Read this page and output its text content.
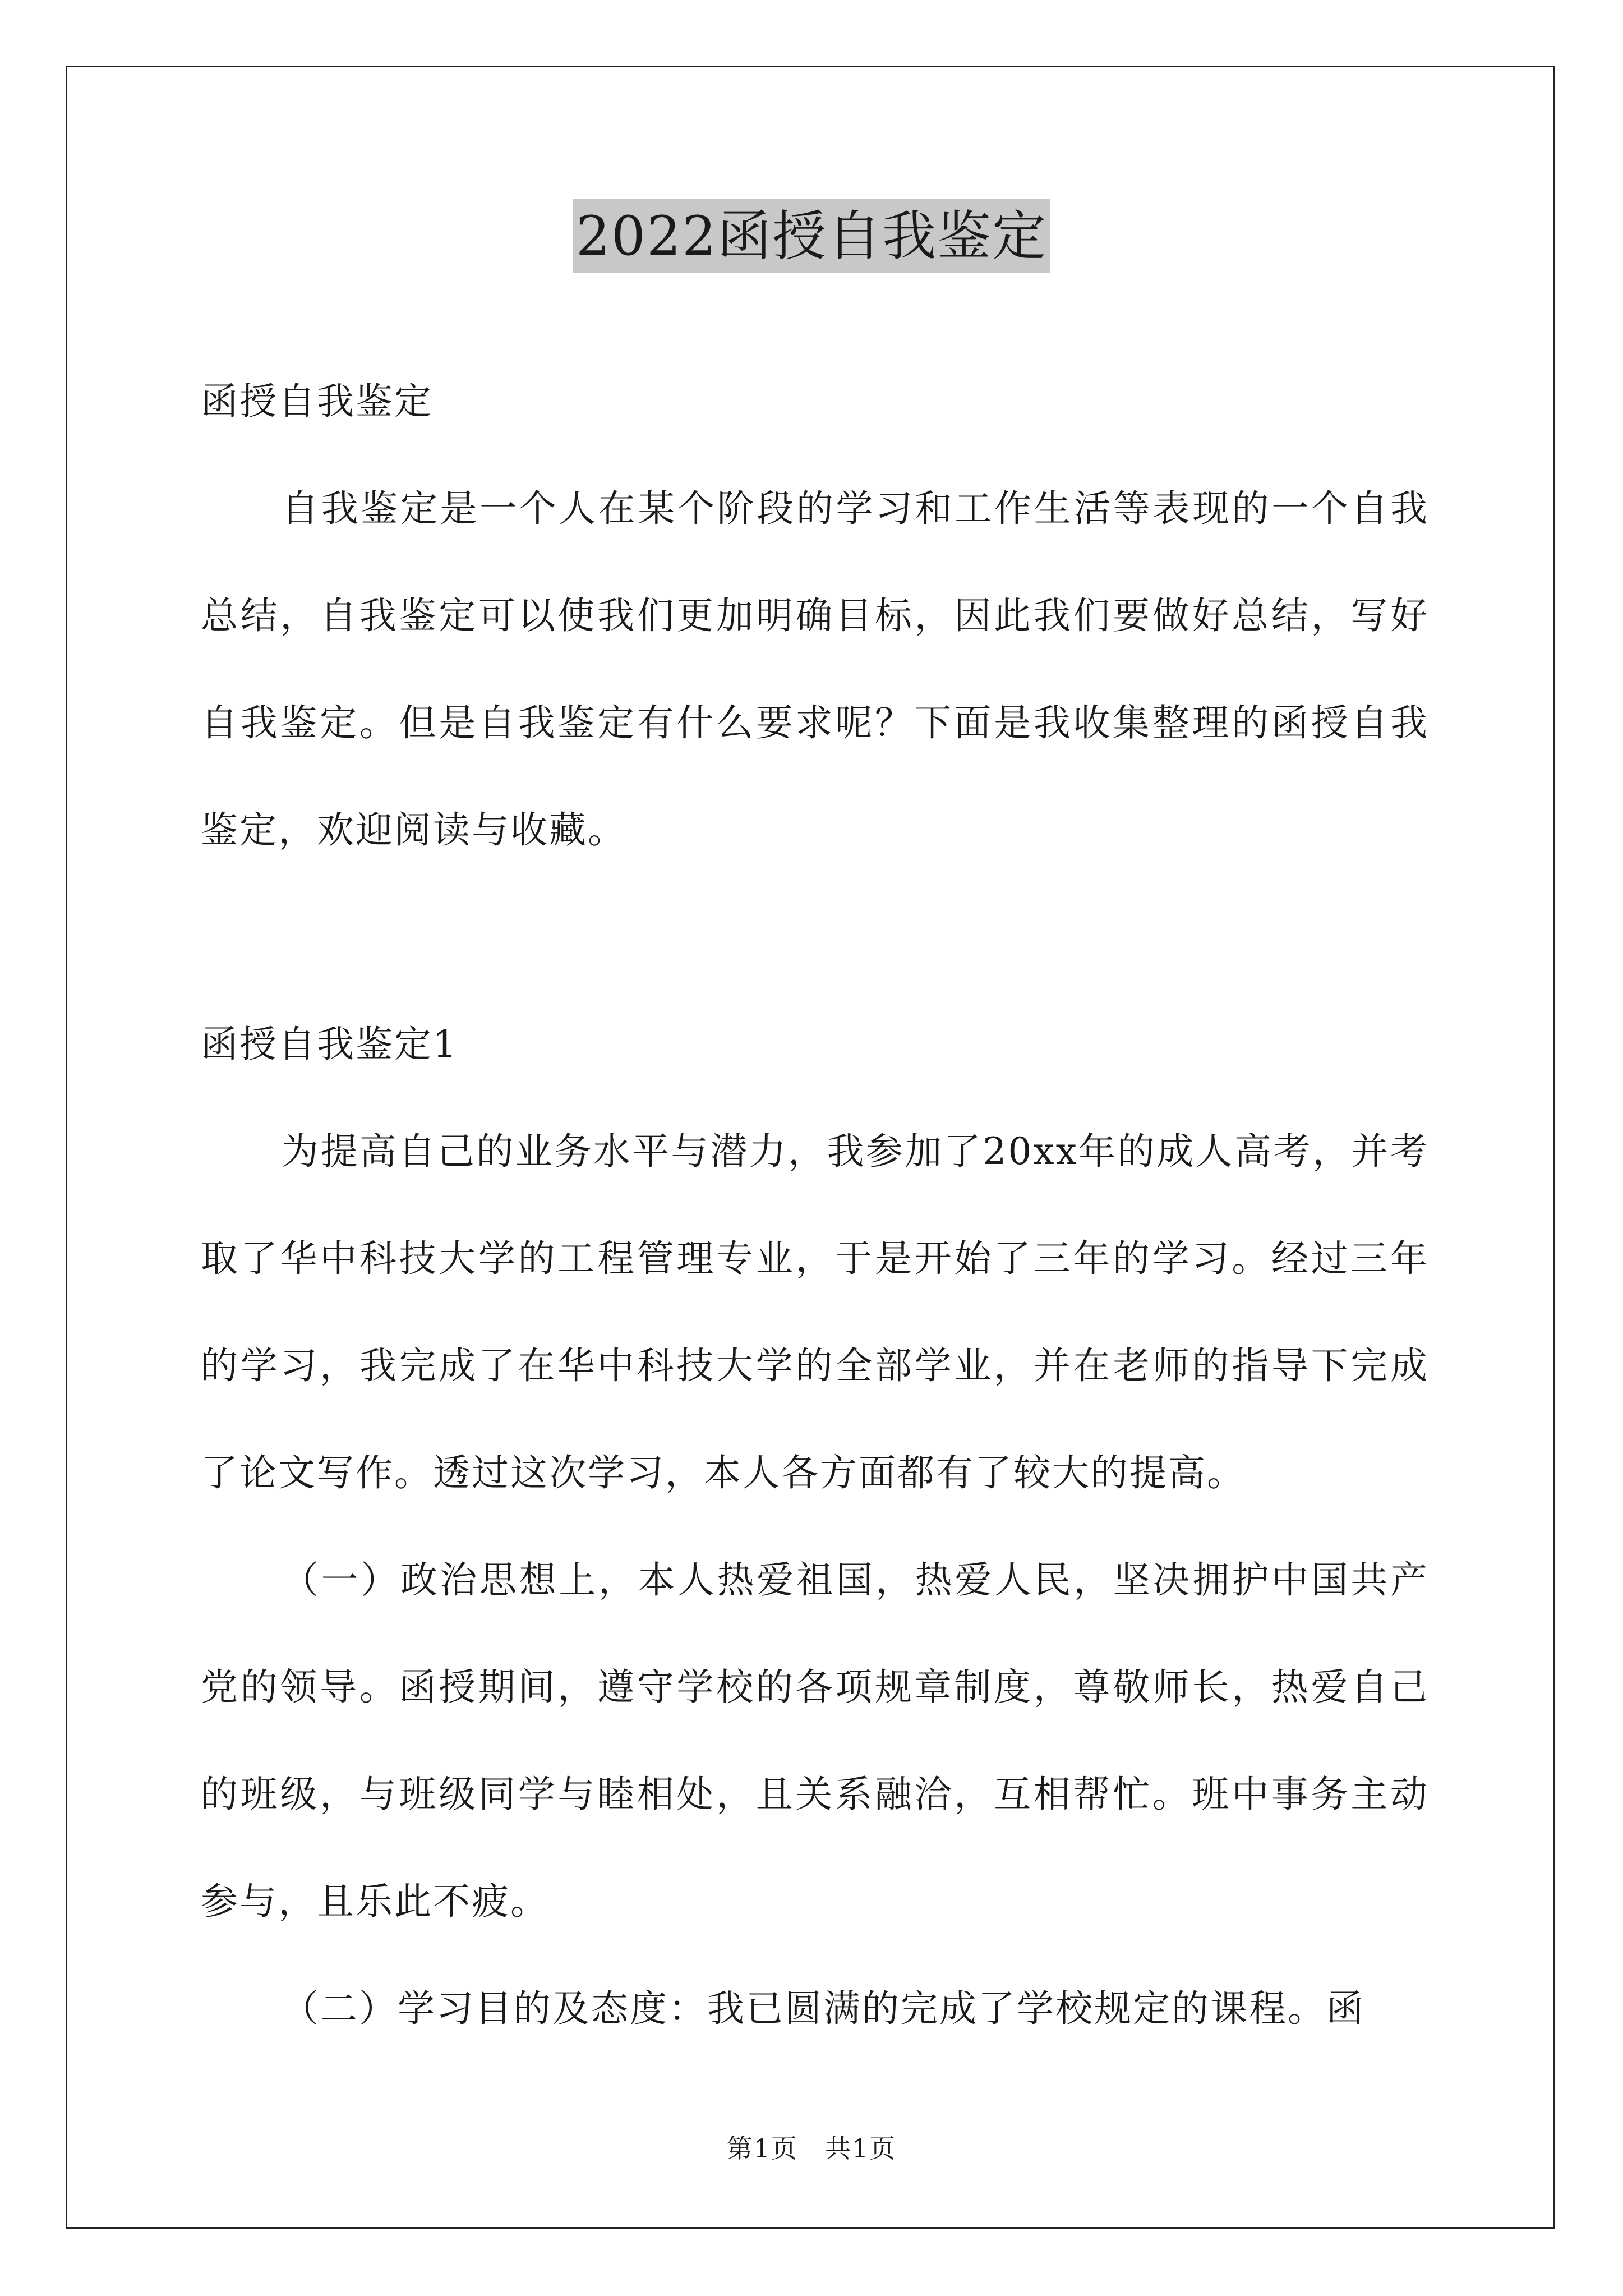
2022函授自我鉴定

函授自我鉴定

自我鉴定是一个人在某个阶段的学习和工作生活等表现的一个自我总结，自我鉴定可以使我们更加明确目标，因此我们要做好总结，写好自我鉴定。但是自我鉴定有什么要求呢？下面是我收集整理的函授自我鉴定，欢迎阅读与收藏。

函授自我鉴定1

为提高自己的业务水平与潜力，我参加了20xx年的成人高考，并考取了华中科技大学的工程管理专业，于是开始了三年的学习。经过三年的学习，我完成了在华中科技大学的全部学业，并在老师的指导下完成了论文写作。透过这次学习，本人各方面都有了较大的提高。

（一）政治思想上，本人热爱祖国，热爱人民，坚决拥护中国共产党的领导。函授期间，遵守学校的各项规章制度，尊敬师长，热爱自己的班级，与班级同学与睦相处，且关系融洽，互相帮忙。班中事务主动参与，且乐此不疲。

（二）学习目的及态度：我已圆满的完成了学校规定的课程。函

第1页　共1页
